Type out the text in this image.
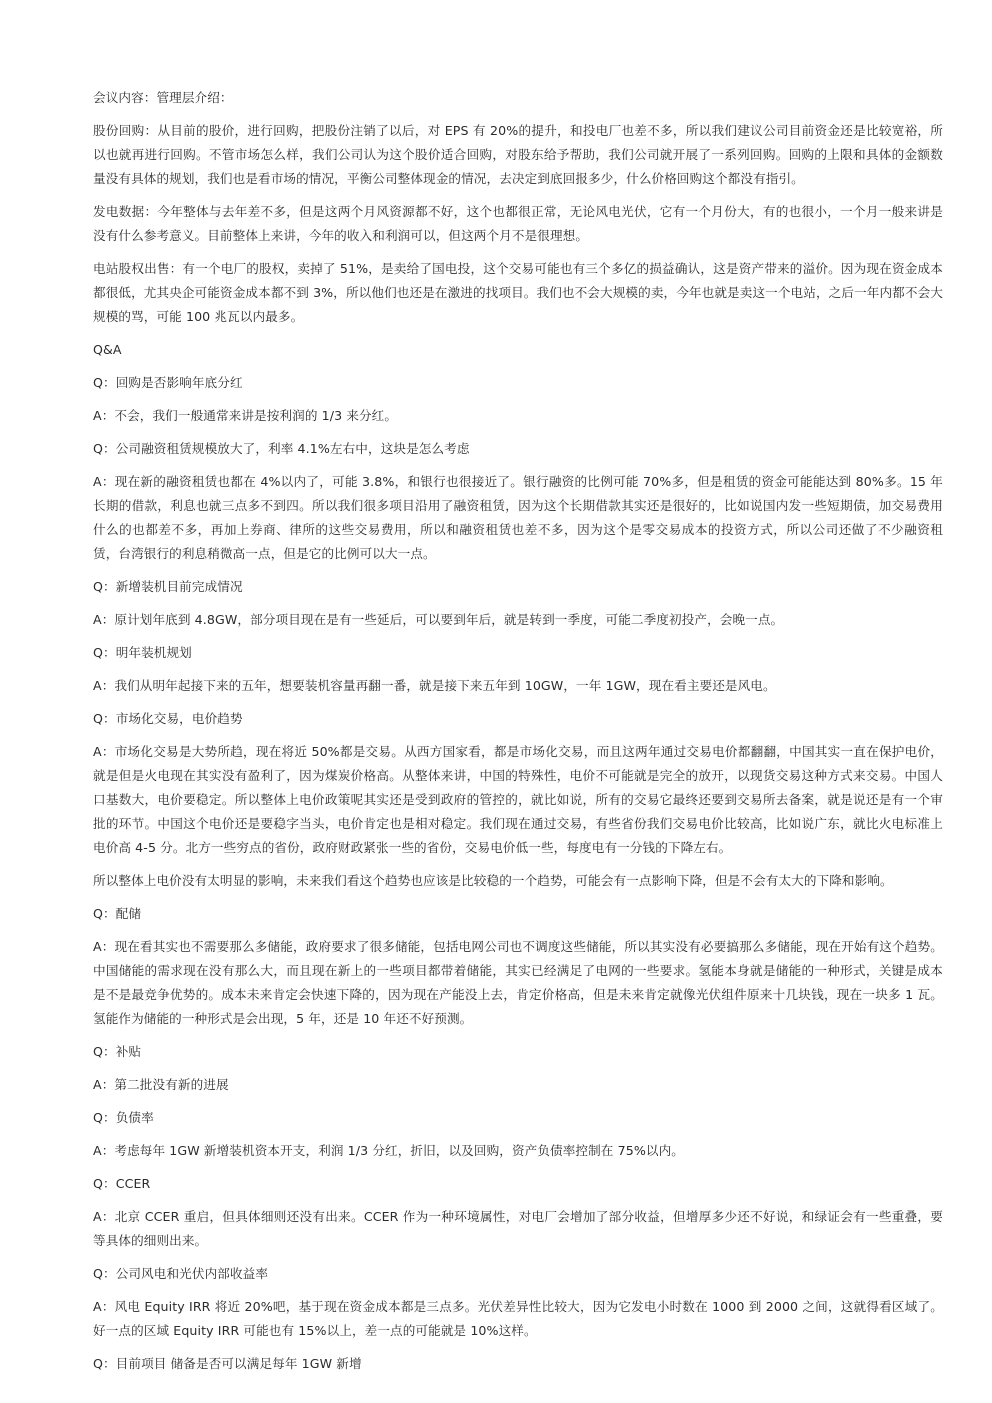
会议内容：管理层介绍：

股份回购：从目前的股价，进行回购，把股份注销了以后，对 EPS 有 20%的提升，和投电厂也差不多，所以我们建议公司目前资金还是比较宽裕，所以也就再进行回购。不管市场怎么样，我们公司认为这个股价适合回购，对股东给予帮助，我们公司就开展了一系列回购。回购的上限和具体的金额数量没有具体的规划，我们也是看市场的情况，平衡公司整体现金的情况，去决定到底回报多少，什么价格回购这个都没有指引。

发电数据：今年整体与去年差不多，但是这两个月风资源都不好，这个也都很正常，无论风电光伏，它有一个月份大，有的也很小，一个月一般来讲是没有什么参考意义。目前整体上来讲，今年的收入和利润可以，但这两个月不是很理想。

电站股权出售：有一个电厂的股权，卖掉了 51%，是卖给了国电投，这个交易可能也有三个多亿的损益确认，这是资产带来的溢价。因为现在资金成本都很低，尤其央企可能资金成本都不到 3%，所以他们也还是在激进的找项目。我们也不会大规模的卖，今年也就是卖这一个电站，之后一年内都不会大规模的骂，可能 100 兆瓦以内最多。

Q&A

Q：回购是否影响年底分红

A：不会，我们一般通常来讲是按利润的 1/3 来分红。

Q：公司融资租赁规模放大了，利率 4.1%左右中，这块是怎么考虑

A：现在新的融资租赁也都在 4%以内了，可能 3.8%，和银行也很接近了。银行融资的比例可能 70%多，但是租赁的资金可能能达到 80%多。15 年长期的借款，利息也就三点多不到四。所以我们很多项目沿用了融资租赁，因为这个长期借款其实还是很好的，比如说国内发一些短期债，加交易费用什么的也都差不多，再加上券商、律所的这些交易费用，所以和融资租赁也差不多，因为这个是零交易成本的投资方式，所以公司还做了不少融资租赁，台湾银行的利息稍微高一点，但是它的比例可以大一点。

Q：新增装机目前完成情况

A：原计划年底到 4.8GW，部分项目现在是有一些延后，可以要到年后，就是转到一季度，可能二季度初投产，会晚一点。

Q：明年装机规划

A：我们从明年起接下来的五年，想要装机容量再翻一番，就是接下来五年到 10GW，一年 1GW，现在看主要还是风电。

Q：市场化交易，电价趋势

A：市场化交易是大势所趋，现在将近 50%都是交易。从西方国家看，都是市场化交易，而且这两年通过交易电价都翻翻，中国其实一直在保护电价，就是但是火电现在其实没有盈利了，因为煤炭价格高。从整体来讲，中国的特殊性，电价不可能就是完全的放开，以现货交易这种方式来交易。中国人口基数大，电价要稳定。所以整体上电价政策呢其实还是受到政府的管控的，就比如说，所有的交易它最终还要到交易所去备案，就是说还是有一个审批的环节。中国这个电价还是要稳字当头，电价肯定也是相对稳定。我们现在通过交易，有些省份我们交易电价比较高，比如说广东，就比火电标准上电价高 4-5 分。北方一些穷点的省份，政府财政紧张一些的省份，交易电价低一些，每度电有一分钱的下降左右。

所以整体上电价没有太明显的影响，未来我们看这个趋势也应该是比较稳的一个趋势，可能会有一点影响下降，但是不会有太大的下降和影响。

Q：配储

A：现在看其实也不需要那么多储能，政府要求了很多储能，包括电网公司也不调度这些储能，所以其实没有必要搞那么多储能，现在开始有这个趋势。中国储能的需求现在没有那么大，而且现在新上的一些项目都带着储能，其实已经满足了电网的一些要求。氢能本身就是储能的一种形式，关键是成本是不是最竞争优势的。成本未来肯定会快速下降的，因为现在产能没上去，肯定价格高，但是未来肯定就像光伏组件原来十几块钱，现在一块多 1 瓦。氢能作为储能的一种形式是会出现，5 年，还是 10 年还不好预测。

Q：补贴

A：第二批没有新的进展

Q：负债率

A：考虑每年 1GW 新增装机资本开支，利润 1/3 分红，折旧，以及回购，资产负债率控制在 75%以内。

Q：CCER

A：北京 CCER 重启，但具体细则还没有出来。CCER 作为一种环境属性，对电厂会增加了部分收益，但增厚多少还不好说，和绿证会有一些重叠，要等具体的细则出来。

Q：公司风电和光伏内部收益率

A：风电 Equity IRR 将近 20%吧，基于现在资金成本都是三点多。光伏差异性比较大，因为它发电小时数在 1000 到 2000 之间，这就得看区域了。好一点的区域 Equity IRR 可能也有 15%以上，差一点的可能就是 10%这样。

Q：目前项目 储备是否可以满足每年 1GW 新增
